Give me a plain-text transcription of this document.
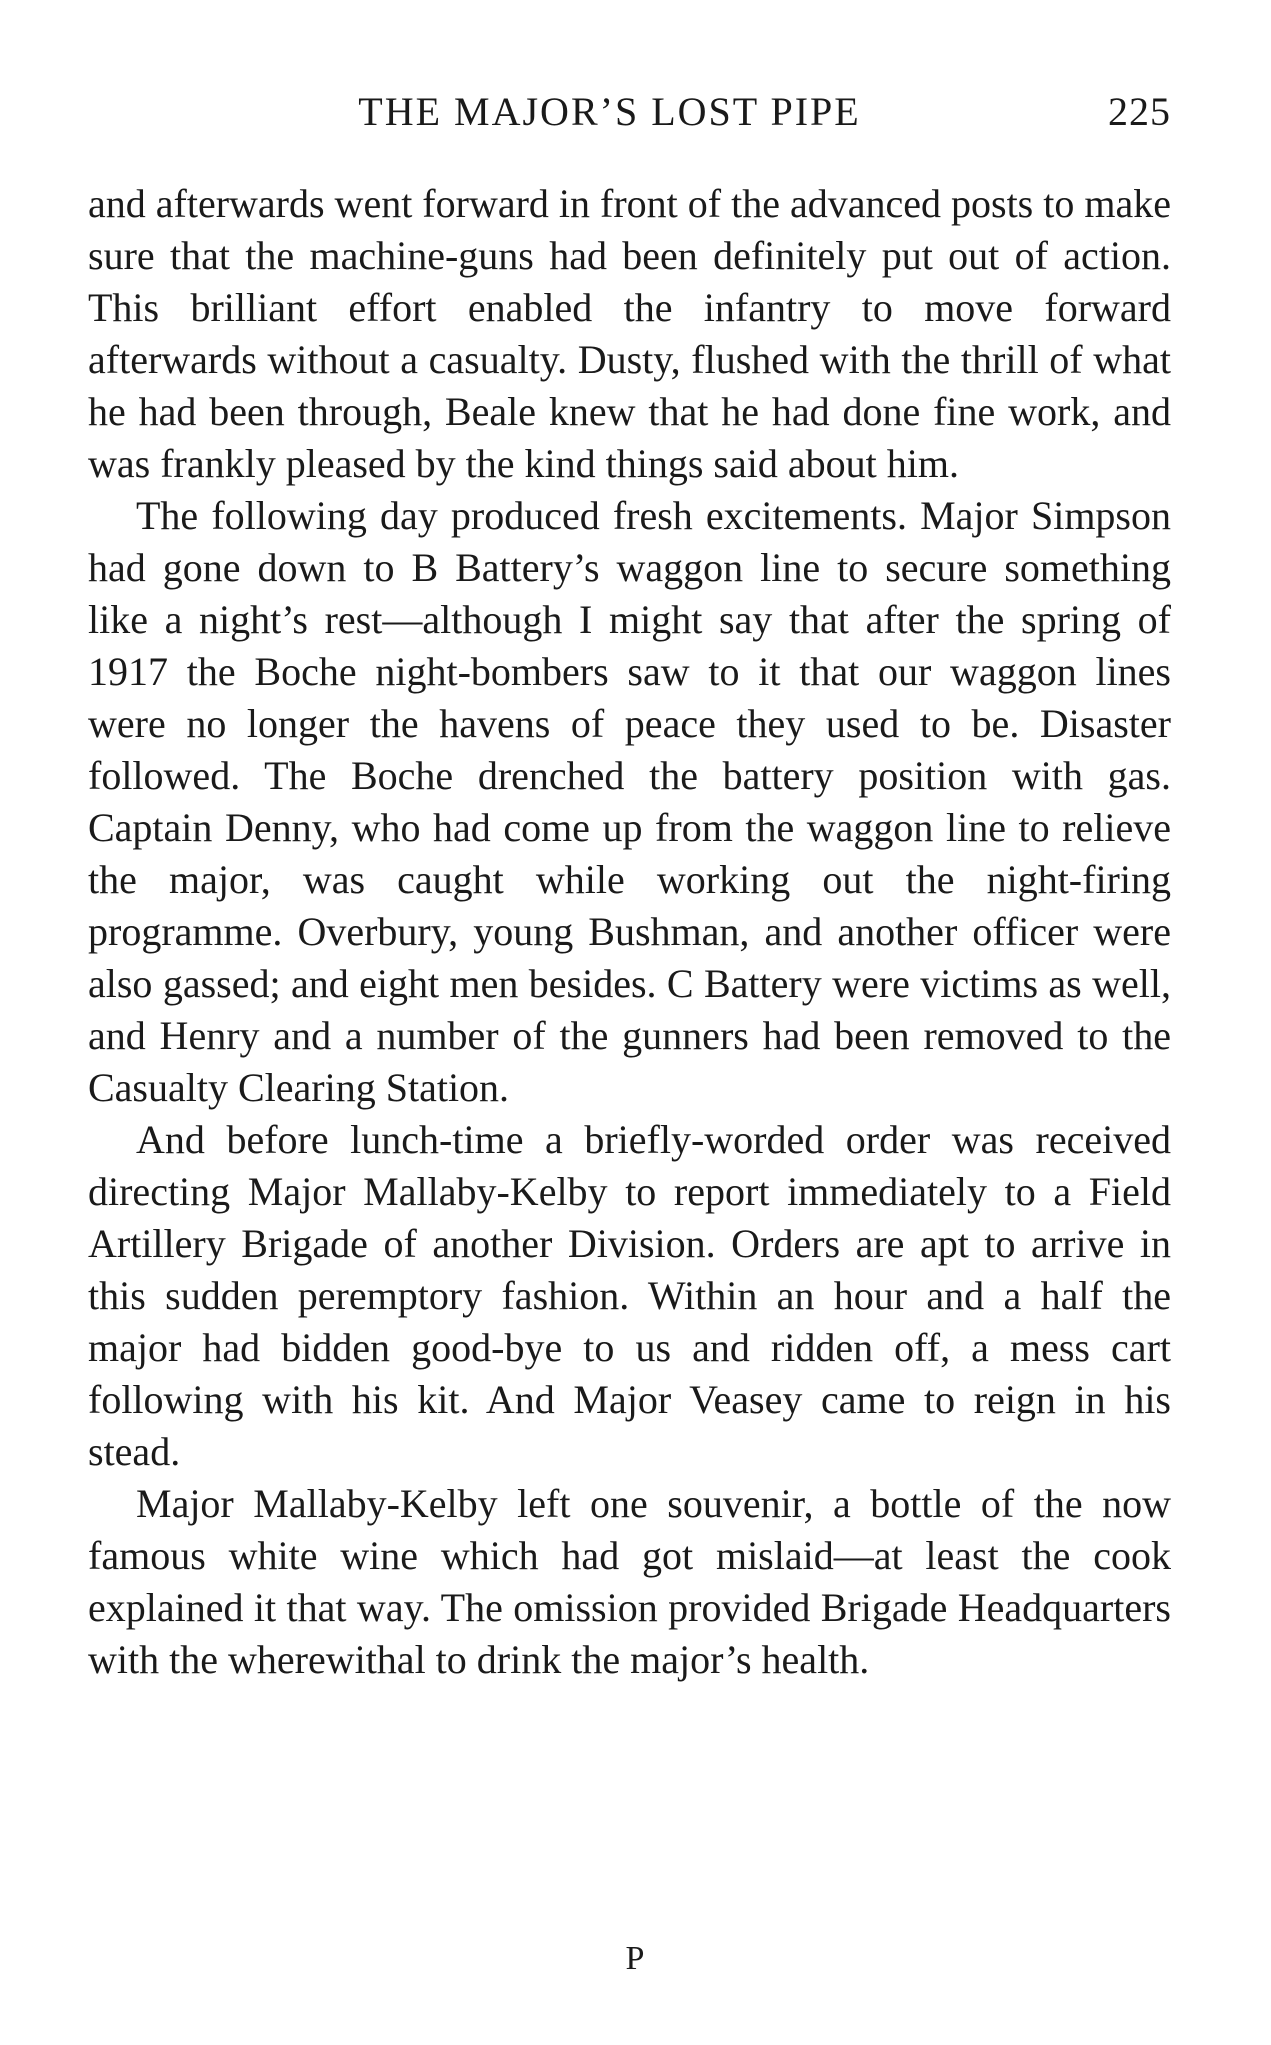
THE MAJOR’S LOST PIPE	225

and afterwards went forward in front of the advanced posts to make sure that the machine-guns had been definitely put out of action. This brilliant effort enabled the infantry to move forward afterwards without a casualty. Dusty, flushed with the thrill of what he had been through, Beale knew that he had done fine work, and was frankly pleased by the kind things said about him.

The following day produced fresh excitements. Major Simpson had gone down to B Battery’s waggon line to secure something like a night’s rest—although I might say that after the spring of 1917 the Boche night-bombers saw to it that our waggon lines were no longer the havens of peace they used to be. Disaster followed. The Boche drenched the battery position with gas. Captain Denny, who had come up from the waggon line to relieve the major, was caught while working out the night-firing programme. Overbury, young Bushman, and another officer were also gassed; and eight men besides. C Battery were victims as well, and Henry and a number of the gunners had been removed to the Casualty Clearing Station.

And before lunch-time a briefly-worded order was received directing Major Mallaby-Kelby to report immediately to a Field Artillery Brigade of another Division. Orders are apt to arrive in this sudden peremptory fashion. Within an hour and a half the major had bidden good-bye to us and ridden off, a mess cart following with his kit. And Major Veasey came to reign in his stead.

Major Mallaby-Kelby left one souvenir, a bottle of the now famous white wine which had got mislaid—at least the cook explained it that way. The omission provided Brigade Headquarters with the wherewithal to drink the major’s health.

P
